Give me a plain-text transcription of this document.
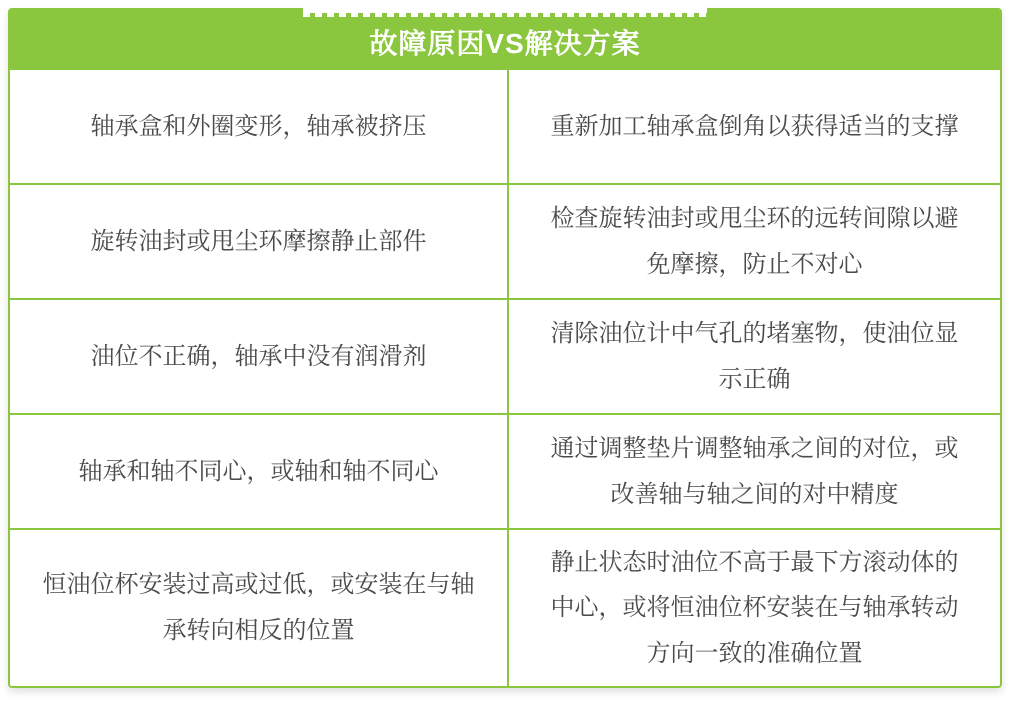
故障原因VS解决方案
轴承盒和外圈变形，轴承被挤压	重新加工轴承盒倒角以获得适当的支撑
旋转油封或甩尘环摩擦静止部件
检查旋转油封或甩尘环的远转间隙以避免摩擦，防止不对心
油位不正确，轴承中没有润滑剂
清除油位计中气孔的堵塞物，使油位显示正确
轴承和轴不同心，或轴和轴不同心
通过调整垫片调整轴承之间的对位，或改善轴与轴之间的对中精度
恒油位杯安装过高或过低，或安装在与轴承转向相反的位置
静止状态时油位不高于最下方滚动体的中心，或将恒油位杯安装在与轴承转动方向一致的准确位置
